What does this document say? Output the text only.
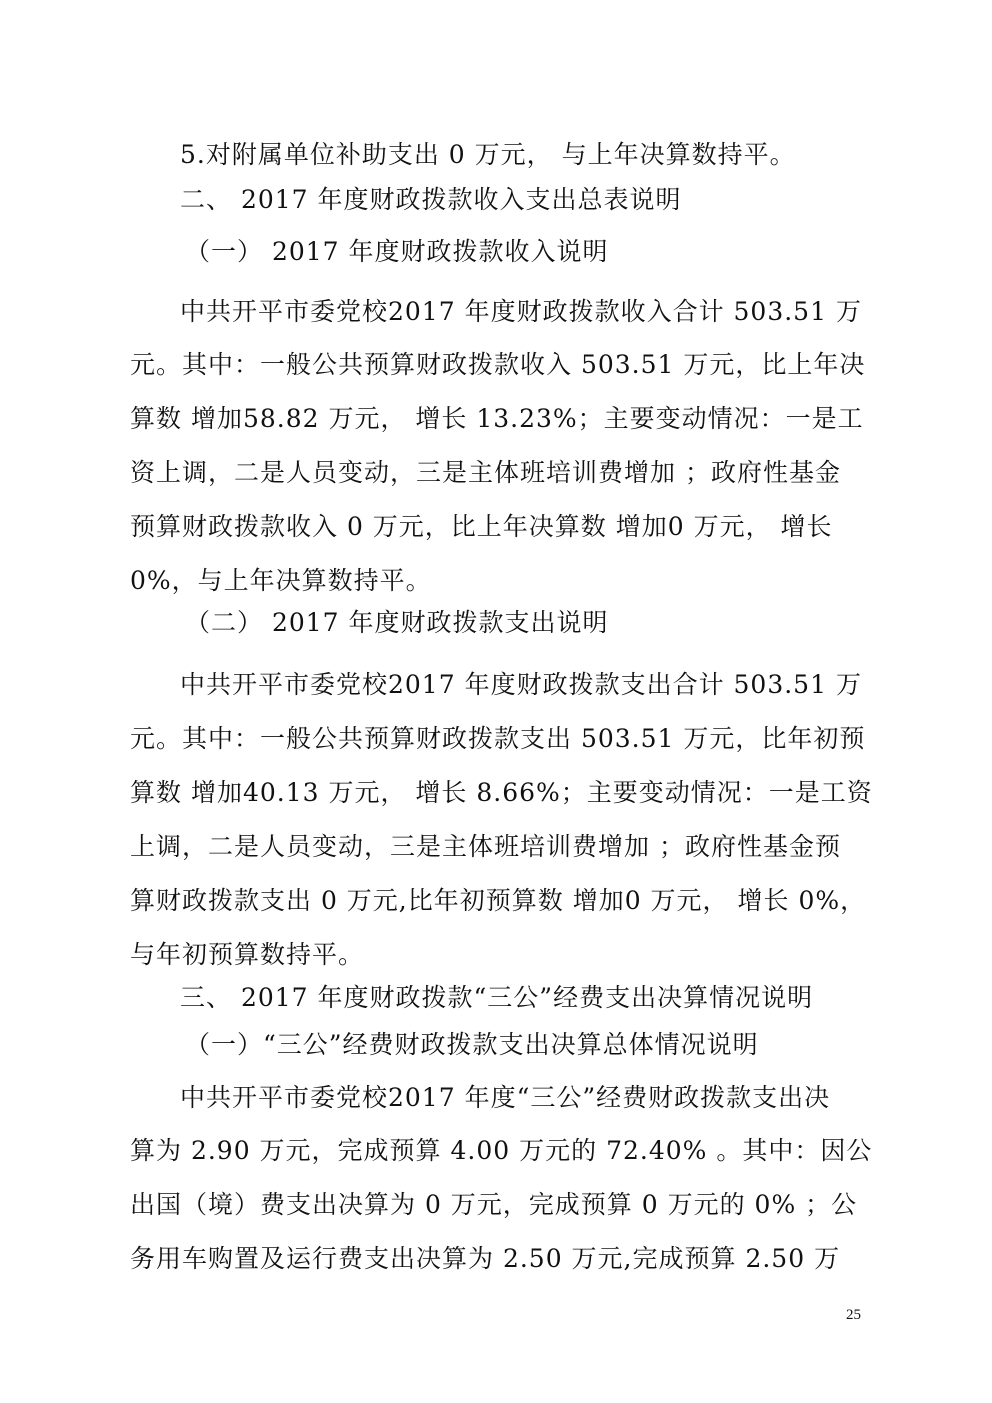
5.对附属单位补助支出 0 万元， 与上年决算数持平。
二、 2017 年度财政拨款收入支出总表说明
（一） 2017 年度财政拨款收入说明
中共开平市委党校2017 年度财政拨款收入合计 503.51 万
元。其中：一般公共预算财政拨款收入 503.51 万元，比上年决
算数 增加58.82 万元， 增长 13.23%；主要变动情况：一是工
资上调，二是人员变动，三是主体班培训费增加 ；政府性基金
预算财政拨款收入 0 万元，比上年决算数 增加0 万元， 增长
0%，与上年决算数持平。
（二） 2017 年度财政拨款支出说明
中共开平市委党校2017 年度财政拨款支出合计 503.51 万
元。其中：一般公共预算财政拨款支出 503.51 万元，比年初预
算数 增加40.13 万元， 增长 8.66%；主要变动情况：一是工资
上调，二是人员变动，三是主体班培训费增加 ；政府性基金预
算财政拨款支出 0 万元,比年初预算数 增加0 万元， 增长 0%，
与年初预算数持平。
三、 2017 年度财政拨款“三公”经费支出决算情况说明
（一）“三公”经费财政拨款支出决算总体情况说明
中共开平市委党校2017 年度“三公”经费财政拨款支出决
算为 2.90 万元，完成预算 4.00 万元的 72.40% 。其中：因公
出国（境）费支出决算为 0 万元，完成预算 0 万元的 0% ；公
务用车购置及运行费支出决算为 2.50 万元,完成预算 2.50 万
25
